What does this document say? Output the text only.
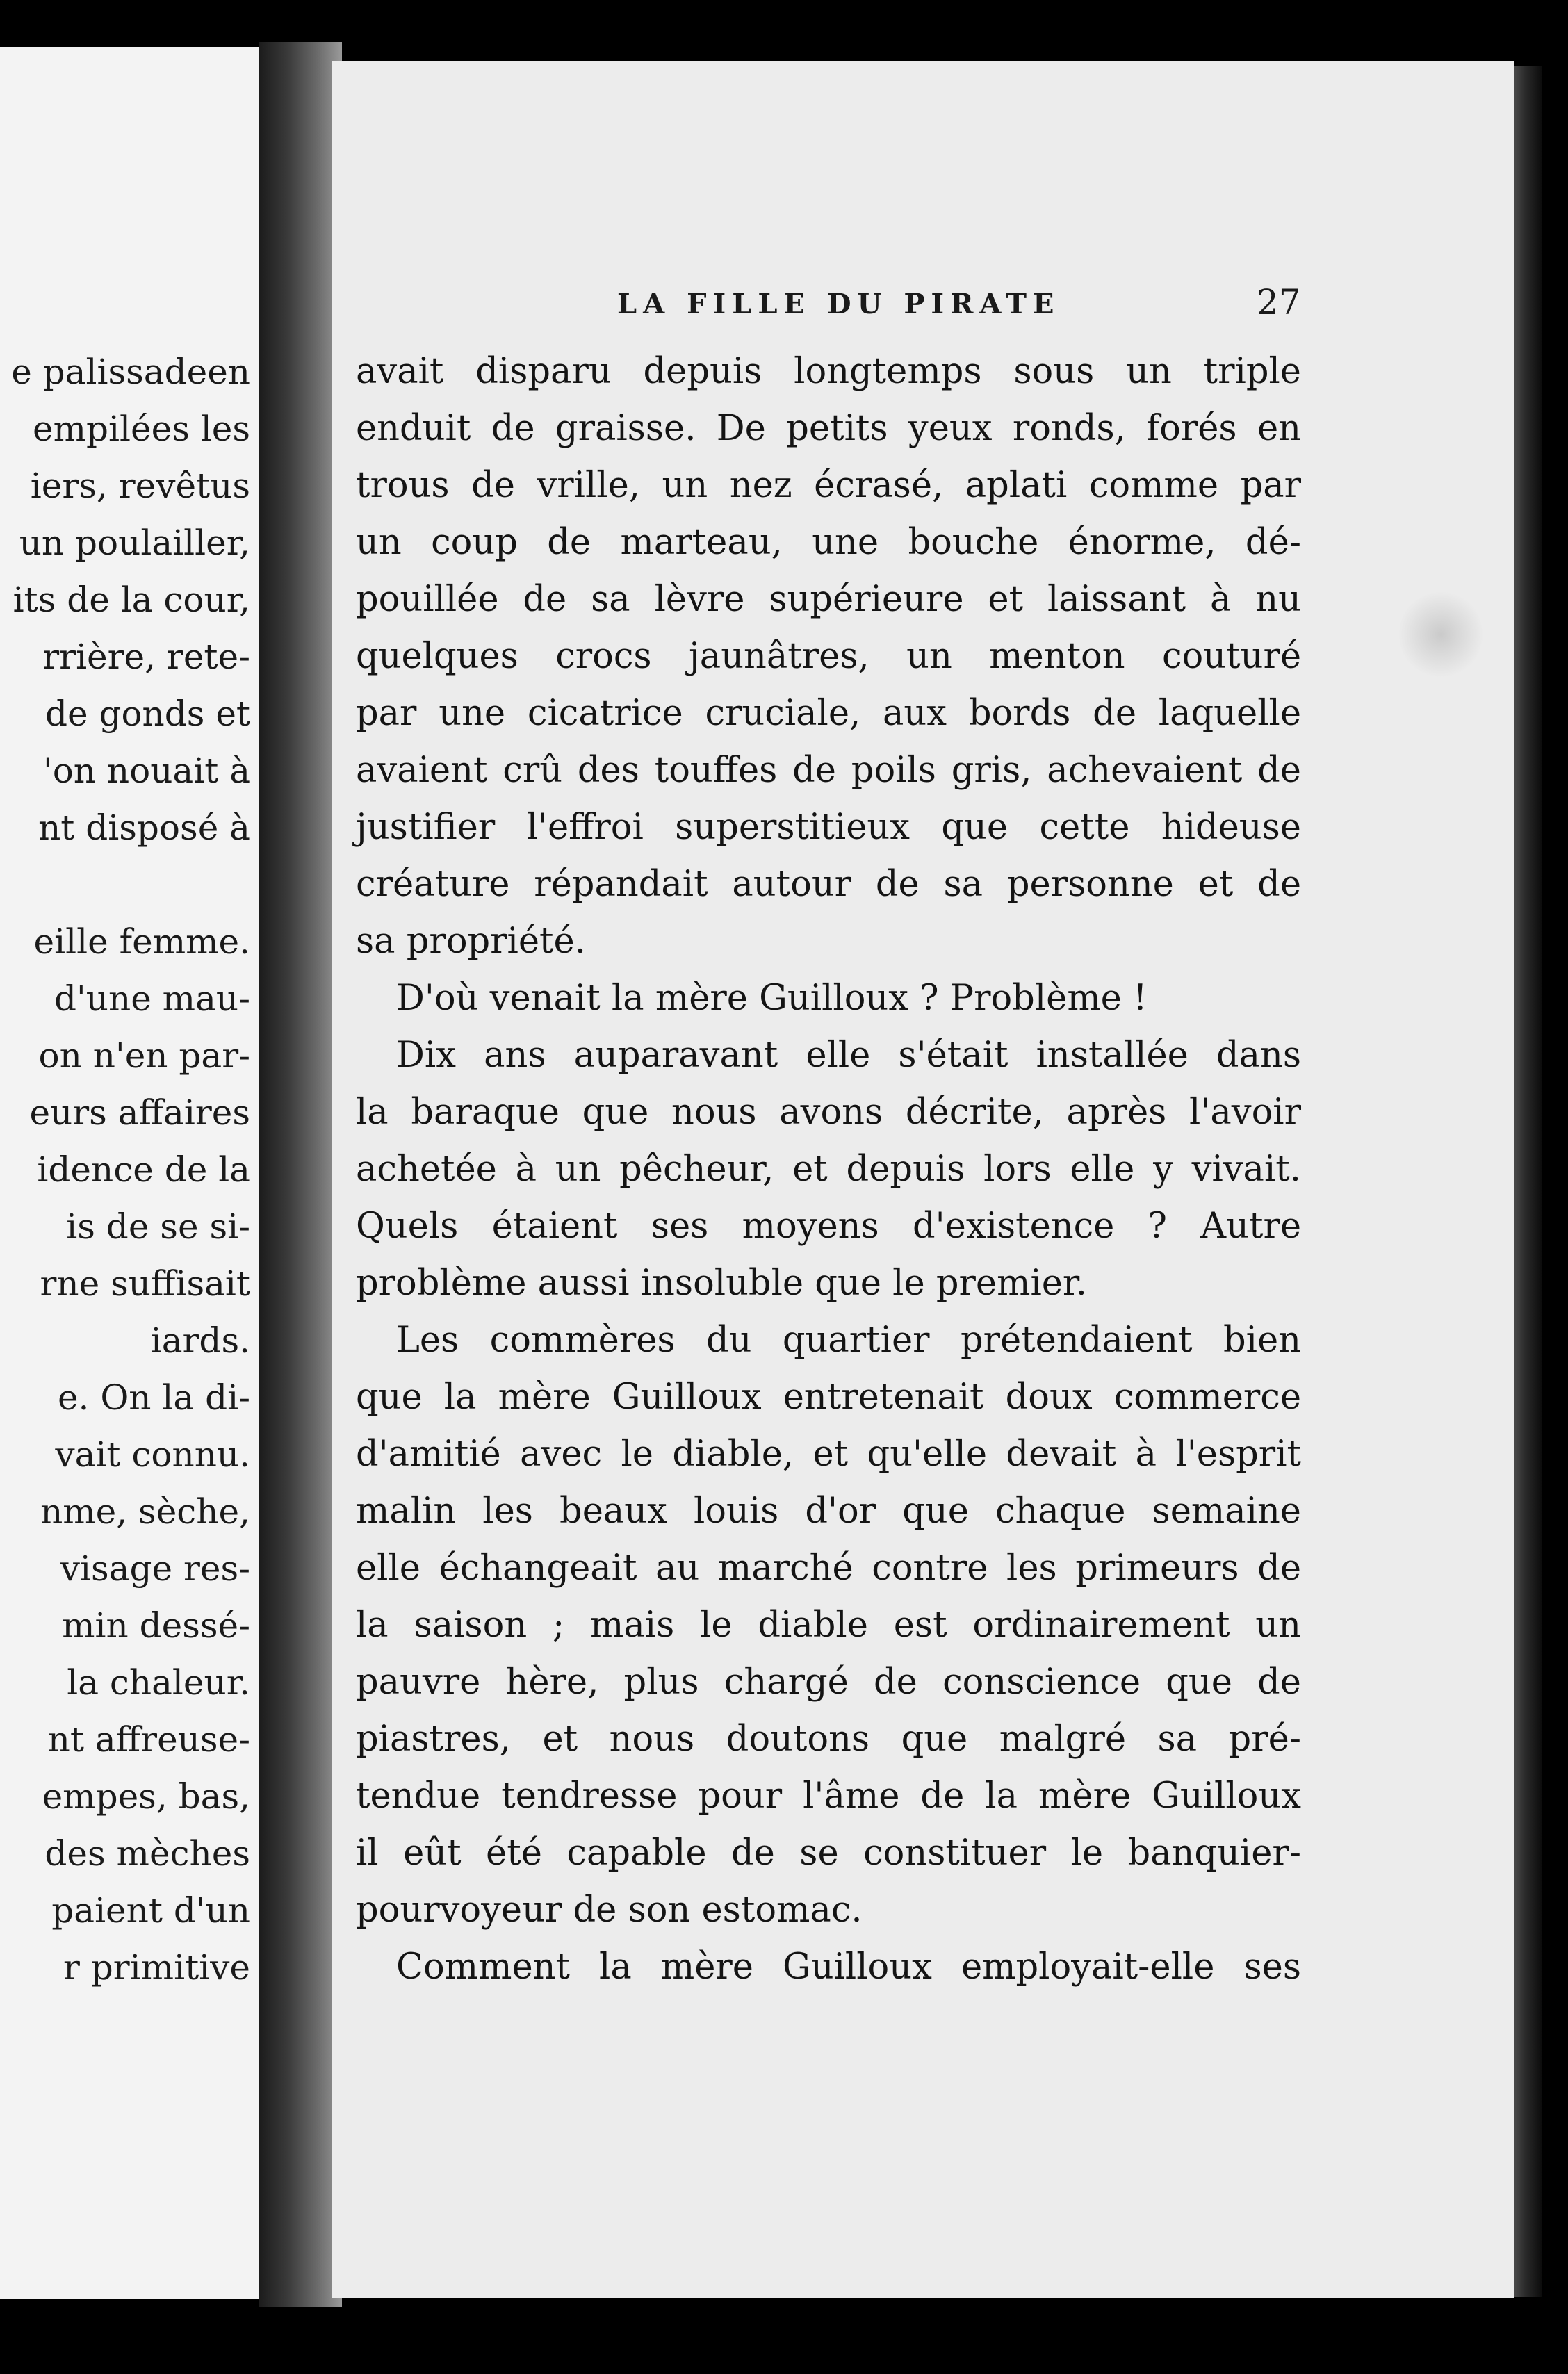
e palissadeen
empilées les
iers, revêtus
un poulailler,
its de la cour,
rrière, rete-
de gonds et
'on nouait à
nt disposé à
eille femme.
d'une mau-
on n'en par-
eurs affaires
idence de la
is de se si-
rne suffisait
iards.
e. On la di-
vait connu.
nme, sèche,
visage res-
min dessé-
la chaleur.
nt affreuse-
empes, bas,
des mèches
paient d'un
r primitive
LA FILLE DU PIRATE	27
avait disparu depuis longtemps sous un triple
enduit de graisse. De petits yeux ronds, forés en
trous de vrille, un nez écrasé, aplati comme par
un coup de marteau, une bouche énorme, dé-
pouillée de sa lèvre supérieure et laissant à nu
quelques crocs jaunâtres, un menton couturé
par une cicatrice cruciale, aux bords de laquelle
avaient crû des touffes de poils gris, achevaient de
justifier l'effroi superstitieux que cette hideuse
créature répandait autour de sa personne et de
sa propriété.
D'où venait la mère Guilloux ? Problème !
Dix ans auparavant elle s'était installée dans
la baraque que nous avons décrite, après l'avoir
achetée à un pêcheur, et depuis lors elle y vivait.
Quels étaient ses moyens d'existence ? Autre
problème aussi insoluble que le premier.
Les commères du quartier prétendaient bien
que la mère Guilloux entretenait doux commerce
d'amitié avec le diable, et qu'elle devait à l'esprit
malin les beaux louis d'or que chaque semaine
elle échangeait au marché contre les primeurs de
la saison ; mais le diable est ordinairement un
pauvre hère, plus chargé de conscience que de
piastres, et nous doutons que malgré sa pré-
tendue tendresse pour l'âme de la mère Guilloux
il eût été capable de se constituer le banquier-
pourvoyeur de son estomac.
Comment la mère Guilloux employait-elle ses
